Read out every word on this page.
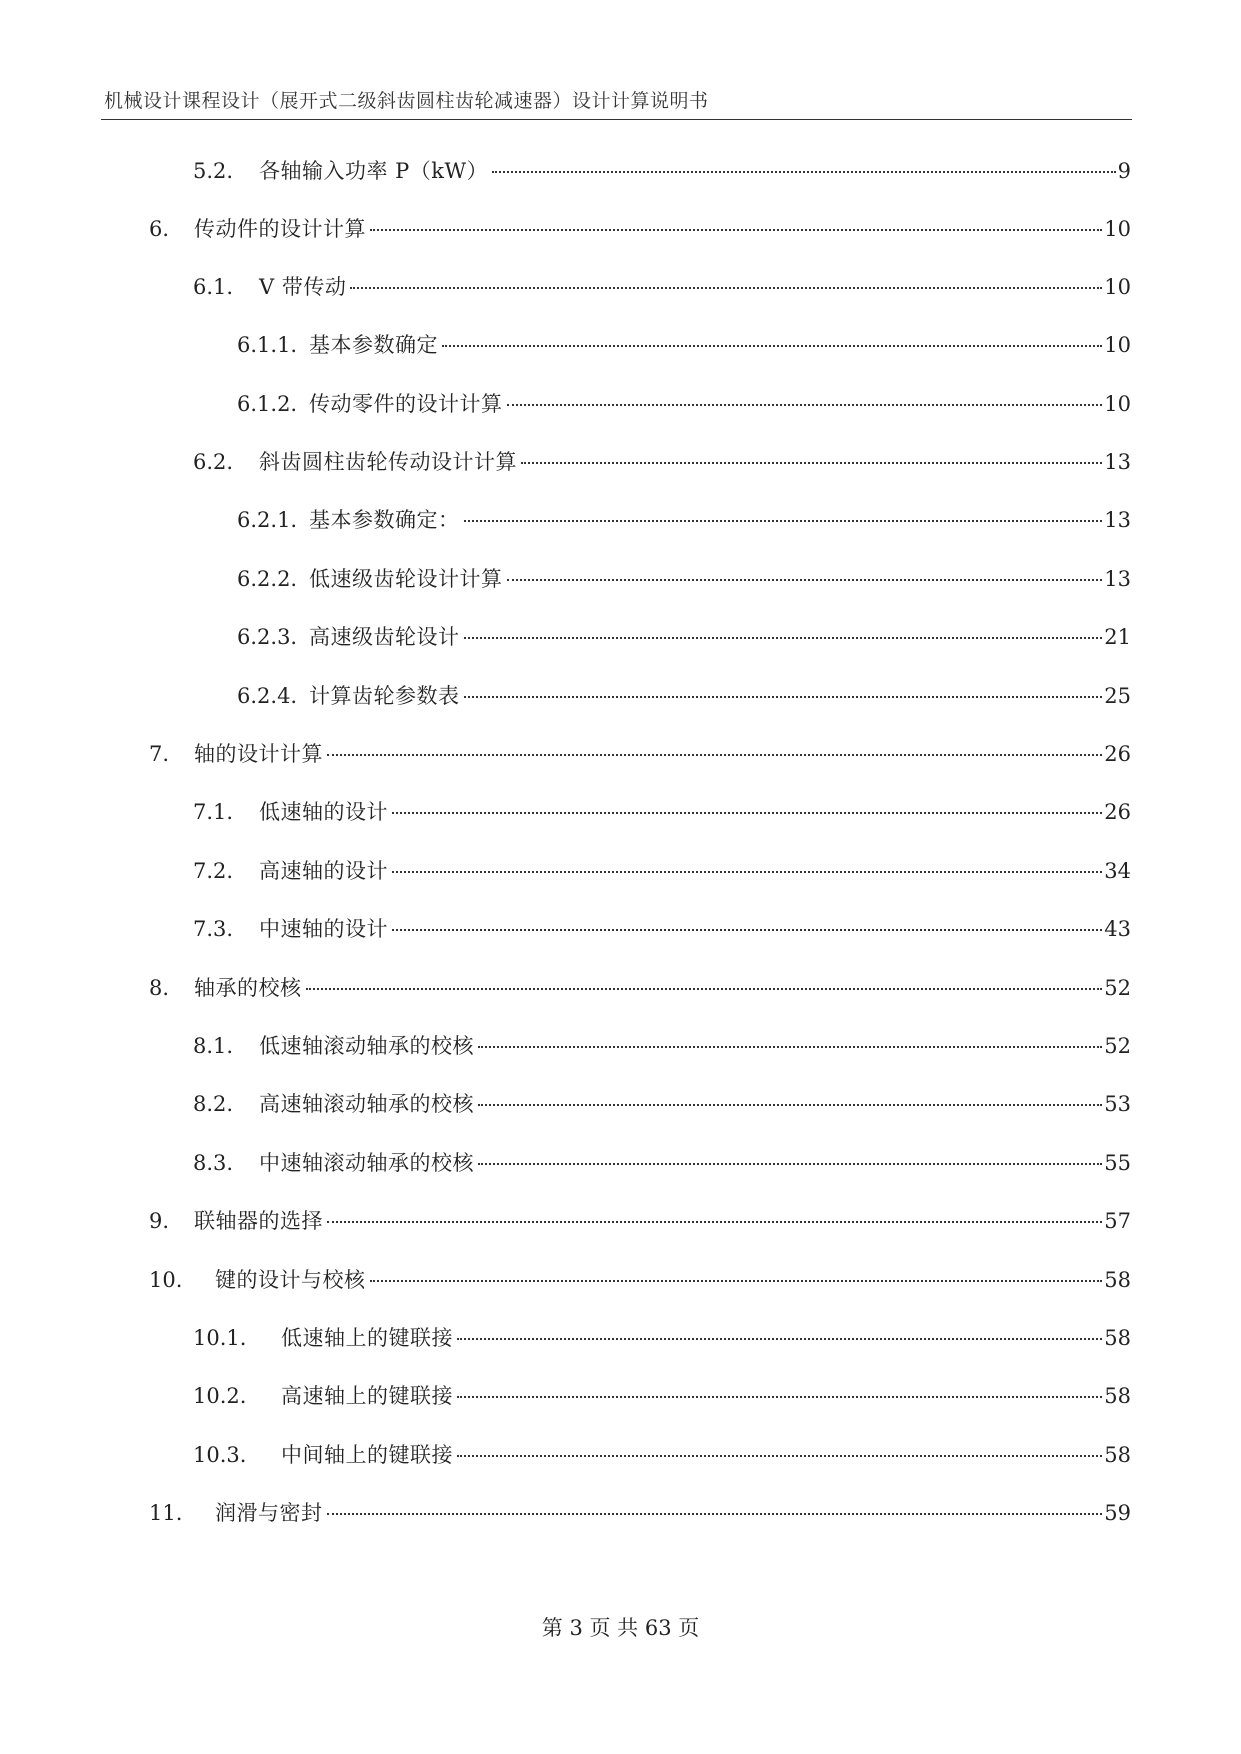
机械设计课程设计（展开式二级斜齿圆柱齿轮减速器）设计计算说明书
5.2.	各轴输入功率 P（kW）	9
6.	传动件的设计计算	10
6.1.	V 带传动	10
6.1.1. 基本参数确定	10
6.1.2. 传动零件的设计计算	10
6.2.	斜齿圆柱齿轮传动设计计算	13
6.2.1. 基本参数确定：	13
6.2.2. 低速级齿轮设计计算	13
6.2.3. 高速级齿轮设计	21
6.2.4. 计算齿轮参数表	25
7.	轴的设计计算	26
7.1.	低速轴的设计	26
7.2.	高速轴的设计	34
7.3.	中速轴的设计	43
8.	轴承的校核	52
8.1.	低速轴滚动轴承的校核	52
8.2.	高速轴滚动轴承的校核	53
8.3.	中速轴滚动轴承的校核	55
9.	联轴器的选择	57
10.	键的设计与校核	58
10.1.	低速轴上的键联接	58
10.2.	高速轴上的键联接	58
10.3.	中间轴上的键联接	58
11.	润滑与密封	59
第 3 页 共 63 页
